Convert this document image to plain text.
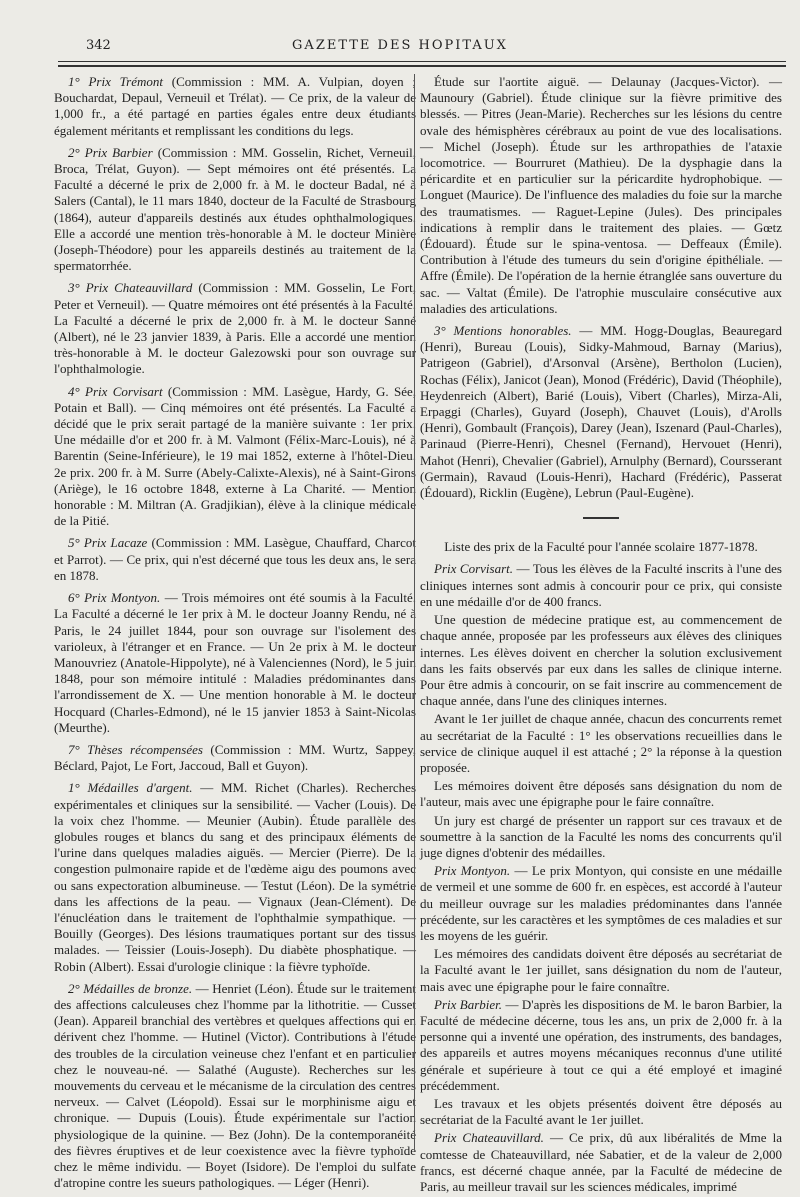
342	GAZETTE DES HOPITAUX

1° Prix Trémont (Commission : MM. A. Vulpian, doyen ; Bouchardat, Depaul, Verneuil et Trélat). — Ce prix, de la valeur de 1,000 fr., a été partagé en parties égales entre deux étudiants également méritants et remplissant les conditions du legs.

2° Prix Barbier (Commission : MM. Gosselin, Richet, Verneuil, Broca, Trélat, Guyon). — Sept mémoires ont été présentés. La Faculté a décerné le prix de 2,000 fr. à M. le docteur Badal, né à Salers (Cantal), le 11 mars 1840, docteur de la Faculté de Strasbourg (1864), auteur d'appareils destinés aux études ophthalmologiques. Elle a accordé une mention très-honorable à M. le docteur Minière (Joseph-Théodore) pour les appareils destinés au traitement de la spermatorrhée.

3° Prix Chateauvillard (Commission : MM. Gosselin, Le Fort, Peter et Verneuil). — Quatre mémoires ont été présentés à la Faculté. La Faculté a décerné le prix de 2,000 fr. à M. le docteur Sanné (Albert), né le 23 janvier 1839, à Paris. Elle a accordé une mention très-honorable à M. le docteur Galezowski pour son ouvrage sur l'ophthalmologie.

4° Prix Corvisart (Commission : MM. Lasègue, Hardy, G. Sée, Potain et Ball). — Cinq mémoires ont été présentés. La Faculté a décidé que le prix serait partagé de la manière suivante : 1er prix. Une médaille d'or et 200 fr. à M. Valmont (Félix-Marc-Louis), né à Barentin (Seine-Inférieure), le 19 mai 1852, externe à l'hôtel-Dieu. 2e prix. 200 fr. à M. Surre (Abely-Calixte-Alexis), né à Saint-Girons (Ariège), le 16 octobre 1848, externe à La Charité. — Mention honorable : M. Miltran (A. Gradjikian), élève à la clinique médicale de la Pitié.

5° Prix Lacaze (Commission : MM. Lasègue, Chauffard, Charcot et Parrot). — Ce prix, qui n'est décerné que tous les deux ans, le sera en 1878.

6° Prix Montyon. — Trois mémoires ont été soumis à la Faculté. La Faculté a décerné le 1er prix à M. le docteur Joanny Rendu, né à Paris, le 24 juillet 1844, pour son ouvrage sur l'isolement des varioleux, à l'étranger et en France. — Un 2e prix à M. le docteur Manouvriez (Anatole-Hippolyte), né à Valenciennes (Nord), le 5 juin 1848, pour son mémoire intitulé : Maladies prédominantes dans l'arrondissement de X. — Une mention honorable à M. le docteur Hocquard (Charles-Edmond), né le 15 janvier 1853 à Saint-Nicolas (Meurthe).

7° Thèses récompensées (Commission : MM. Wurtz, Sappey, Béclard, Pajot, Le Fort, Jaccoud, Ball et Guyon).

1° Médailles d'argent. — MM. Richet (Charles). Recherches expérimentales et cliniques sur la sensibilité. — Vacher (Louis). De la voix chez l'homme. — Meunier (Aubin). Étude parallèle des globules rouges et blancs du sang et des principaux éléments de l'urine dans quelques maladies aiguës. — Mercier (Pierre). De la congestion pulmonaire rapide et de l'œdème aigu des poumons avec ou sans expectoration albumineuse. — Testut (Léon). De la symétrie dans les affections de la peau. — Vignaux (Jean-Clément). De l'énucléation dans le traitement de l'ophthalmie sympathique. — Bouilly (Georges). Des lésions traumatiques portant sur des tissus malades. — Teissier (Louis-Joseph). Du diabète phosphatique. — Robin (Albert). Essai d'urologie clinique : la fièvre typhoïde.

2° Médailles de bronze. — Henriet (Léon). Étude sur le traitement des affections calculeuses chez l'homme par la lithotritie. — Cusset (Jean). Appareil branchial des vertèbres et quelques affections qui en dérivent chez l'homme. — Hutinel (Victor). Contributions à l'étude des troubles de la circulation veineuse chez l'enfant et en particulier chez le nouveau-né. — Salathé (Auguste). Recherches sur les mouvements du cerveau et le mécanisme de la circulation des centres nerveux. — Calvet (Léopold). Essai sur le morphinisme aigu et chronique. — Dupuis (Louis). Étude expérimentale sur l'action physiologique de la quinine. — Bez (John). De la contemporanéité des fièvres éruptives et de leur coexistence avec la fièvre typhoïde chez le même individu. — Boyet (Isidore). De l'emploi du sulfate d'atropine contre les sueurs pathologiques. — Léger (Henri).

Étude sur l'aortite aiguë. — Delaunay (Jacques-Victor). — Maunoury (Gabriel). Étude clinique sur la fièvre primitive des blessés. — Pitres (Jean-Marie). Recherches sur les lésions du centre ovale des hémisphères cérébraux au point de vue des localisations. — Michel (Joseph). Étude sur les arthropathies de l'ataxie locomotrice. — Bourruret (Mathieu). De la dysphagie dans la péricardite et en particulier sur la péricardite hydrophobique. — Longuet (Maurice). De l'influence des maladies du foie sur la marche des traumatismes. — Raguet-Lepine (Jules). Des principales indications à remplir dans le traitement des plaies. — Gœtz (Édouard). Étude sur le spina-ventosa. — Deffeaux (Émile). Contribution à l'étude des tumeurs du sein d'origine épithéliale. — Affre (Émile). De l'opération de la hernie étranglée sans ouverture du sac. — Valtat (Émile). De l'atrophie musculaire consécutive aux maladies des articulations.

3° Mentions honorables. — MM. Hogg-Douglas, Beauregard (Henri), Bureau (Louis), Sidky-Mahmoud, Barnay (Marius), Patrigeon (Gabriel), d'Arsonval (Arsène), Bertholon (Lucien), Rochas (Félix), Janicot (Jean), Monod (Frédéric), David (Théophile), Heydenreich (Albert), Barié (Louis), Vibert (Charles), Mirza-Ali, Erpaggi (Charles), Guyard (Joseph), Chauvet (Louis), d'Arolls (Henri), Gombault (François), Darey (Jean), Iszenard (Paul-Charles), Parinaud (Pierre-Henri), Chesnel (Fernand), Hervouet (Henri), Mahot (Henri), Chevalier (Gabriel), Arnulphy (Bernard), Coursserant (Germain), Ravaud (Louis-Henri), Hachard (Frédéric), Passerat (Édouard), Ricklin (Eugène), Lebrun (Paul-Eugène).

Liste des prix de la Faculté pour l'année scolaire 1877-1878.

Prix Corvisart. — Tous les élèves de la Faculté inscrits à l'une des cliniques internes sont admis à concourir pour ce prix, qui consiste en une médaille d'or de 400 francs.

Une question de médecine pratique est, au commencement de chaque année, proposée par les professeurs aux élèves des cliniques internes. Les élèves doivent en chercher la solution exclusivement dans les faits observés par eux dans les salles de clinique interne. Pour être admis à concourir, on se fait inscrire au commencement de chaque année, dans l'une des cliniques internes.

Avant le 1er juillet de chaque année, chacun des concurrents remet au secrétariat de la Faculté : 1° les observations recueillies dans le service de clinique auquel il est attaché ; 2° la réponse à la question proposée.

Les mémoires doivent être déposés sans désignation du nom de l'auteur, mais avec une épigraphe pour le faire connaître.

Un jury est chargé de présenter un rapport sur ces travaux et de soumettre à la sanction de la Faculté les noms des concurrents qu'il juge dignes d'obtenir des médailles.

Prix Montyon. — Le prix Montyon, qui consiste en une médaille de vermeil et une somme de 600 fr. en espèces, est accordé à l'auteur du meilleur ouvrage sur les maladies prédominantes dans l'année précédente, sur les caractères et les symptômes de ces maladies et sur les moyens de les guérir.

Les mémoires des candidats doivent être déposés au secrétariat de la Faculté avant le 1er juillet, sans désignation du nom de l'auteur, mais avec une épigraphe pour le faire connaître.

Prix Barbier. — D'après les dispositions de M. le baron Barbier, la Faculté de médecine décerne, tous les ans, un prix de 2,000 fr. à la personne qui a inventé une opération, des instruments, des bandages, des appareils et autres moyens mécaniques reconnus d'une utilité générale et supérieure à tout ce qui a été employé et imaginé précédemment.

Les travaux et les objets présentés doivent être déposés au secrétariat de la Faculté avant le 1er juillet.

Prix Chateauvillard. — Ce prix, dû aux libéralités de Mme la comtesse de Chateauvillard, née Sabatier, et de la valeur de 2,000 francs, est décerné chaque année, par la Faculté de médecine de Paris, au meilleur travail sur les sciences médicales, imprimé
